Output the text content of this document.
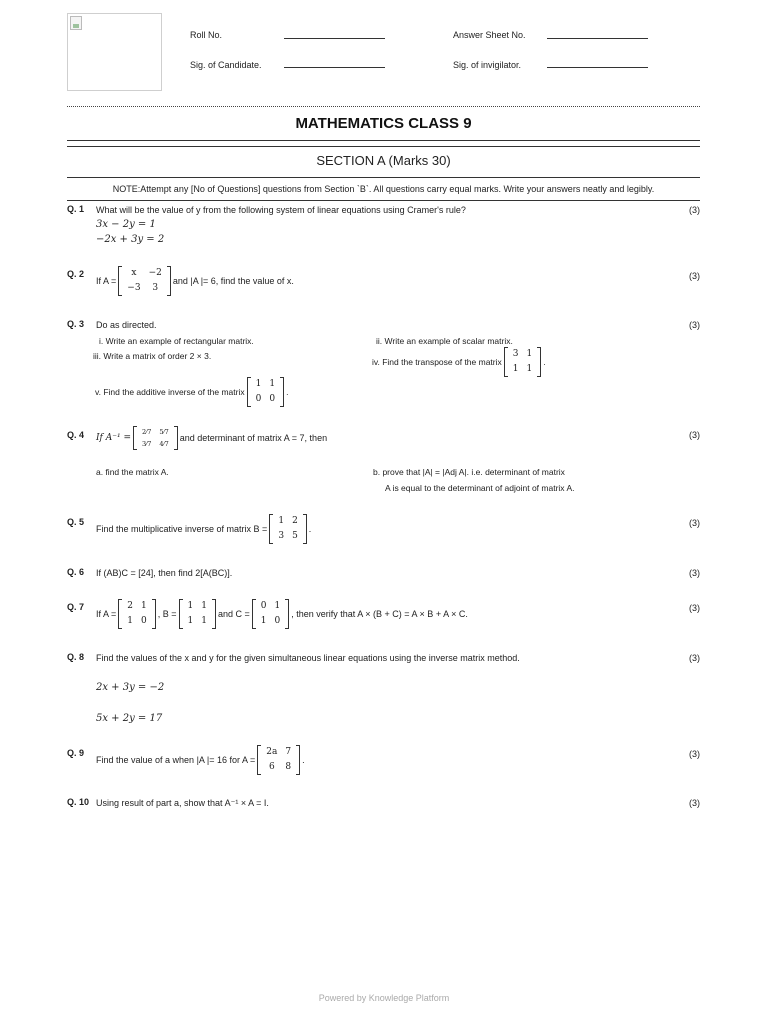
Roll No.	Answer Sheet No.
Sig. of Candidate.	Sig. of invigilator.
MATHEMATICS CLASS 9
SECTION A (Marks 30)
NOTE:Attempt any [No of Questions] questions from Section `B`. All questions carry equal marks. Write your answers neatly and legibly.
Q. 1 What will be the value of y from the following system of linear equations using Cramer's rule?	(3)
3x − 2y = 1
−2x + 3y = 2
Q. 2
If A =
x	−2
−3	3
and |A |= 6, find the value of x.	(3)
Q. 3 Do as directed.	(3)
i. Write an example of rectangular matrix.	ii. Write an example of scalar matrix.
iii. Write a matrix of order 2 × 3.
iv. Find the transpose of the matrix
3	1
1	1
.
v. Find the additive inverse of the matrix
1	1
0	0
.
Q. 4 If A⁻¹ =
2⁄7	5⁄7
3⁄7	4⁄7
and determinant of matrix A = 7, then	(3)
a. find the matrix A.	b. prove that |A| = |Adj A|. i.e. determinant of matrix
A is equal to the determinant of adjoint of matrix A.
Q. 5
Find the multiplicative inverse of matrix B =
1	2
3	5
.
(3)
Q. 6 If (AB)C = [24], then find 2[A(BC)].	(3)
Q. 7
If A =
2	1
1	0
, B =
1	1
1	1
and C =
0	1
1	0
, then verify that A × (B + C) = A × B + A × C.
(3)
Q. 8 Find the values of the x and y for the given simultaneous linear equations using the inverse matrix method.	(3)
2x + 3y = −2
5x + 2y = 17
Q. 9
Find the value of a when |A |= 16 for A =
2a	7
6	8
.
(3)
Q. 10 Using result of part a, show that A⁻¹ × A = I.	(3)
Powered by Knowledge Platform
